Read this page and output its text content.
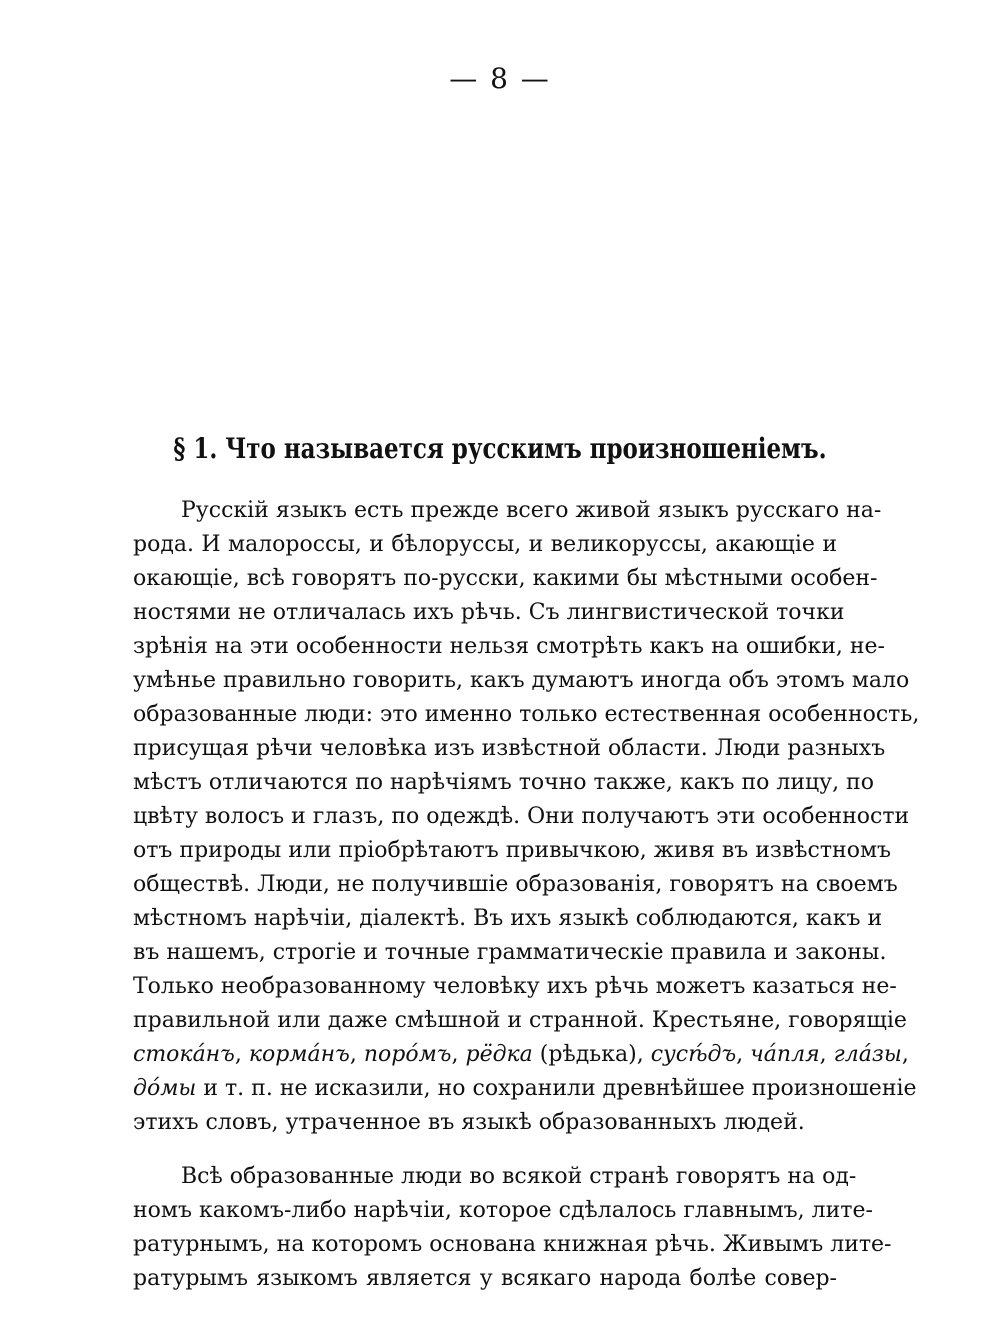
— 8 —
§ 1. Что называется русскимъ произношенiемъ.
Русскiй языкъ есть прежде всего живой языкъ русскаго на-
рода. И малороссы, и бѣлоруссы, и великоруссы, акающiе и
окающiе, всѣ говорятъ по-русски, какими бы мѣстными особен-
ностями не отличалась ихъ рѣчь. Съ лингвистической точки
зрѣнiя на эти особенности нельзя смотрѣть какъ на ошибки, не-
умѣнье правильно говорить, какъ думаютъ иногда объ этомъ мало
образованные люди: это именно только естественная особенность,
присущая рѣчи человѣка изъ извѣстной области. Люди разныхъ
мѣстъ отличаются по нарѣчiямъ точно также, какъ по лицу, по
цвѣту волосъ и глазъ, по одеждѣ. Они получаютъ эти особенности
отъ природы или прiобрѣтаютъ привычкою, живя въ извѣстномъ
обществѣ. Люди, не получившiе образованiя, говорятъ на своемъ
мѣстномъ нарѣчiи, дiалектѣ. Въ ихъ языкѣ соблюдаются, какъ и
въ нашемъ, строгiе и точные грамматическiе правила и законы.
Только необразованному человѣку ихъ рѣчь можетъ казаться не-
правильной или даже смѣшной и странной. Крестьяне, говорящiе
стока́нъ, корма́нъ, поро́мъ, рёдка (рѣдька), сусѣ́дъ, ча́пля, глáзы,
до́мы и т. п. не исказили, но сохранили древнѣйшее произношенiе
этихъ словъ, утраченное въ языкѣ образованныхъ людей.
Всѣ образованные люди во всякой странѣ говорятъ на од-
номъ какомъ-либо нарѣчiи, которое сдѣлалось главнымъ, лите-
ратурнымъ, на которомъ основана книжная рѣчь. Живымъ лите-
ратурымъ языкомъ является у всякаго народа болѣе совер-
